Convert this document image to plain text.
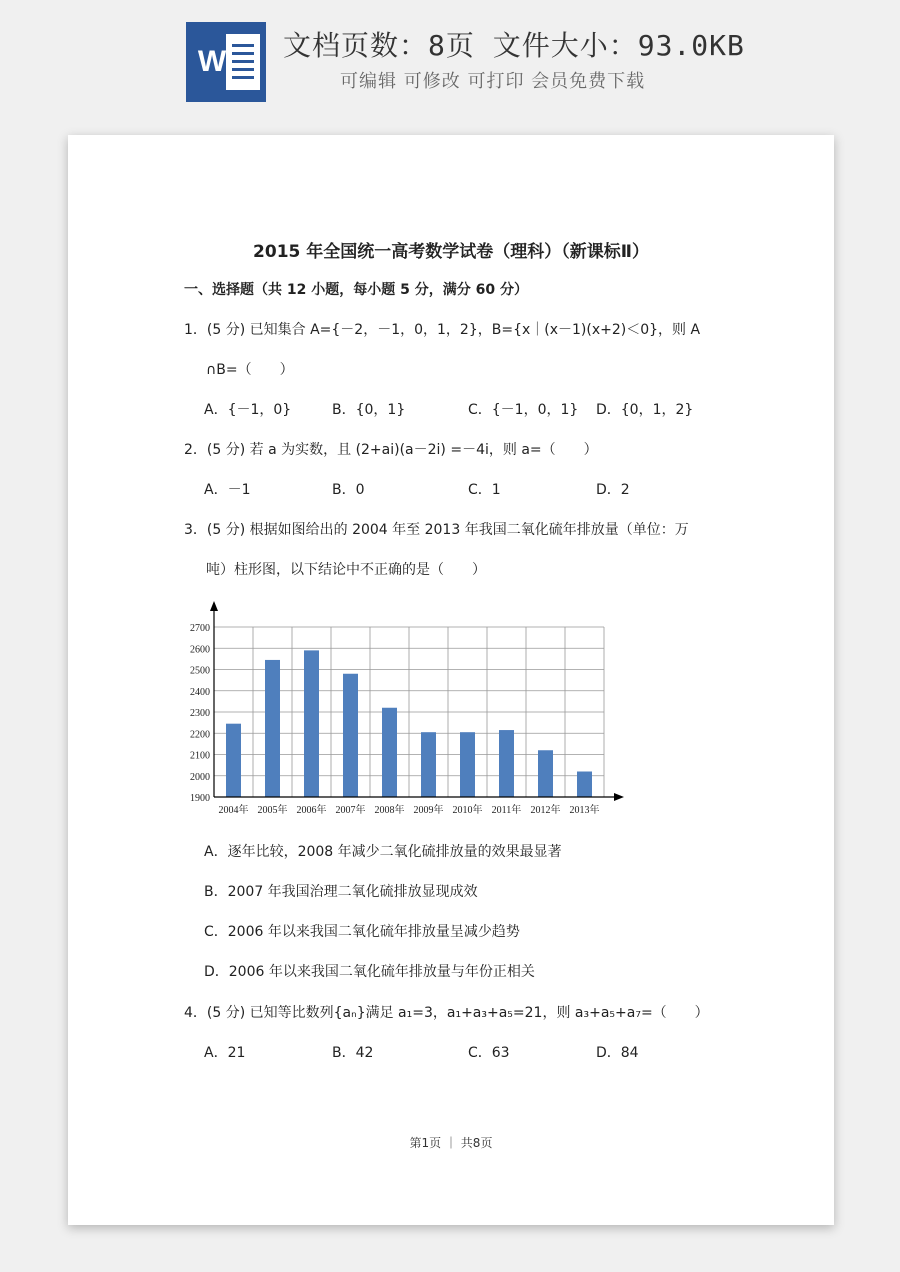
W 文档页数：8页 文件大小：93.0KB
可编辑 可修改 可打印 会员免费下载
2015 年全国统一高考数学试卷（理科）（新课标Ⅱ）
一、选择题（共 12 小题，每小题 5 分，满分 60 分）
1．(5 分) 已知集合 A={－2，－1，0，1，2}，B={x｜(x－1)(x+2)＜0}，则 A
∩B=（　　）
A．{－1，0}	B．{0，1}	C．{－1，0，1} D．{0，1，2}
2．(5 分) 若 a 为实数，且 (2+ai)(a－2i) =－4i，则 a=（　　）
A．－1	B．0	C．1	D．2
3．(5 分) 根据如图给出的 2004 年至 2013 年我国二氧化硫年排放量（单位：万
吨）柱形图，以下结论中不正确的是（　　）
1900
2000
2100
2200
2300
2400
2500
2600
2700
2004年 2005年 2006年 2007年 2008年 2009年 2010年 2011年 2012年 2013年
A．逐年比较，2008 年减少二氧化硫排放量的效果最显著
B．2007 年我国治理二氧化硫排放显现成效
C．2006 年以来我国二氧化硫年排放量呈减少趋势
D．2006 年以来我国二氧化硫年排放量与年份正相关
4．(5 分) 已知等比数列{aₙ}满足 a₁=3，a₁+a₃+a₅=21，则 a₃+a₅+a₇=（　　）
A．21	B．42	C．63	D．84
第1页 ｜ 共8页
